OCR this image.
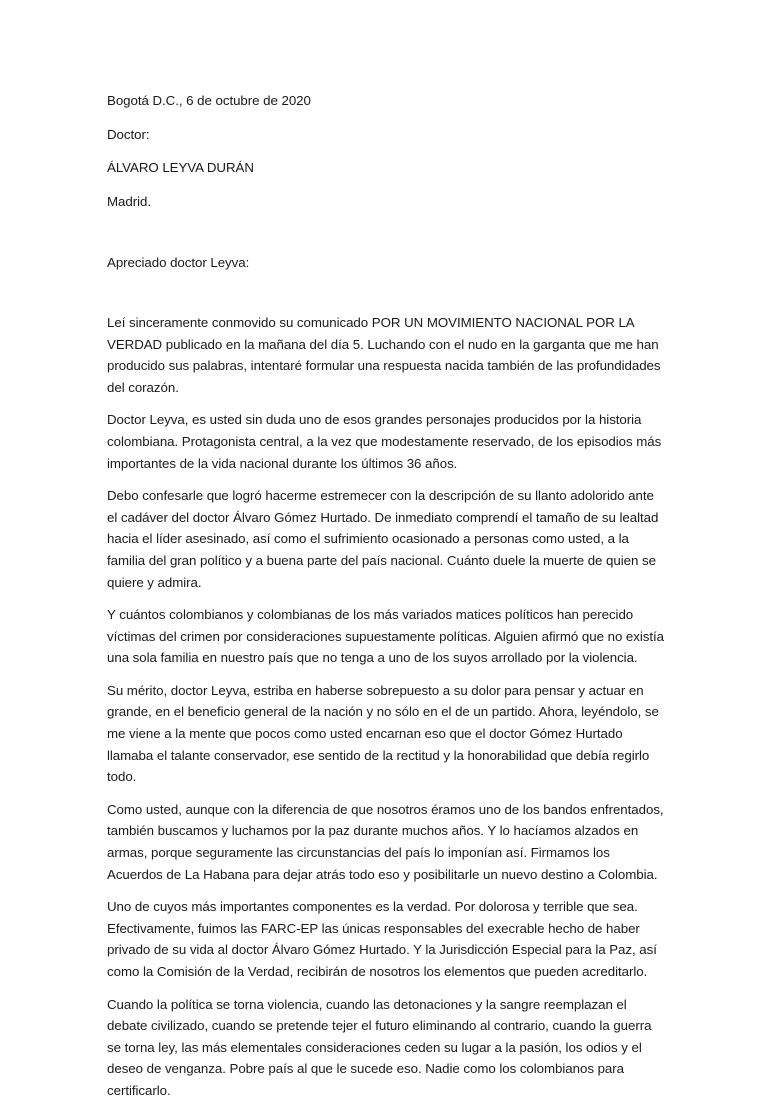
Bogotá D.C., 6 de octubre de 2020

Doctor:

ÁLVARO LEYVA DURÁN

Madrid.

Apreciado doctor Leyva:

Leí sinceramente conmovido su comunicado POR UN MOVIMIENTO NACIONAL POR LA VERDAD publicado en la mañana del día 5. Luchando con el nudo en la garganta que me han producido sus palabras, intentaré formular una respuesta nacida también de las profundidades del corazón.

Doctor Leyva, es usted sin duda uno de esos grandes personajes producidos por la historia colombiana. Protagonista central, a la vez que modestamente reservado, de los episodios más importantes de la vida nacional durante los últimos 36 años.

Debo confesarle que logró hacerme estremecer con la descripción de su llanto adolorido ante el cadáver del doctor Álvaro Gómez Hurtado. De inmediato comprendí el tamaño de su lealtad hacia el líder asesinado, así como el sufrimiento ocasionado a personas como usted, a la familia del gran político y a buena parte del país nacional. Cuánto duele la muerte de quien se quiere y admira.

Y cuántos colombianos y colombianas de los más variados matices políticos han perecido víctimas del crimen por consideraciones supuestamente políticas. Alguien afirmó que no existía una sola familia en nuestro país que no tenga a uno de los suyos arrollado por la violencia.

Su mérito, doctor Leyva, estriba en haberse sobrepuesto a su dolor para pensar y actuar en grande, en el beneficio general de la nación y no sólo en el de un partido. Ahora, leyéndolo, se me viene a la mente que pocos como usted encarnan eso que el doctor Gómez Hurtado llamaba el talante conservador, ese sentido de la rectitud y la honorabilidad que debía regirlo todo.

Como usted, aunque con la diferencia de que nosotros éramos uno de los bandos enfrentados, también buscamos y luchamos por la paz durante muchos años. Y lo hacíamos alzados en armas, porque seguramente las circunstancias del país lo imponían así. Firmamos los Acuerdos de La Habana para dejar atrás todo eso y posibilitarle un nuevo destino a Colombia.

Uno de cuyos más importantes componentes es la verdad. Por dolorosa y terrible que sea. Efectivamente, fuimos las FARC-EP las únicas responsables del execrable hecho de haber privado de su vida al doctor Álvaro Gómez Hurtado. Y la Jurisdicción Especial para la Paz, así como la Comisión de la Verdad, recibirán de nosotros los elementos que pueden acreditarlo.

Cuando la política se torna violencia, cuando las detonaciones y la sangre reemplazan el debate civilizado, cuando se pretende tejer el futuro eliminando al contrario, cuando la guerra se torna ley, las más elementales consideraciones ceden su lugar a la pasión, los odios y el deseo de venganza. Pobre país al que le sucede eso. Nadie como los colombianos para certificarlo.
